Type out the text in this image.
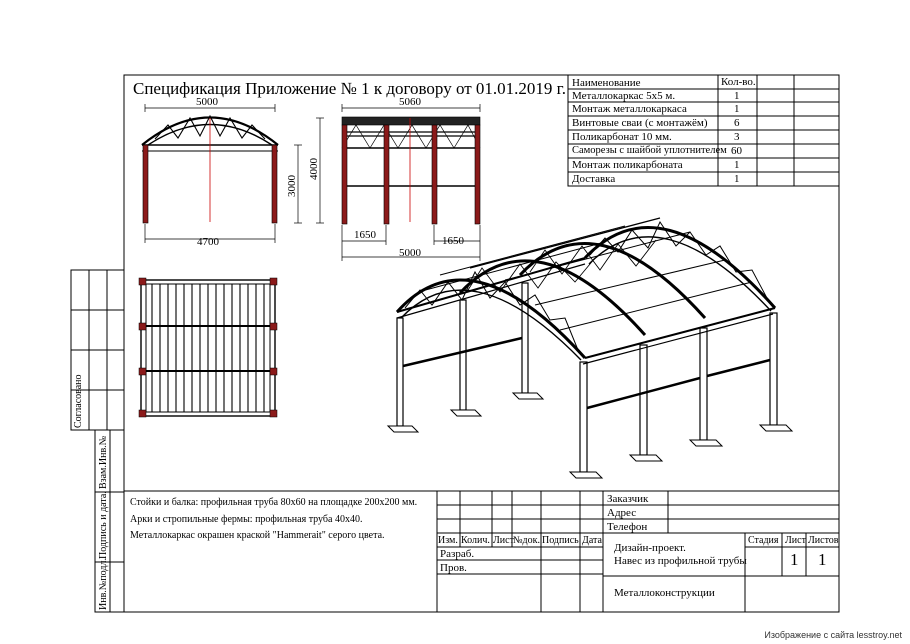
5000
4700
3000
4000
5060
1650	1650
5000
Согласовано
Взам.Инв.№
Подпись и дата.
Инв.№подл.
Спецификация Приложение № 1 к договору от 01.01.2019 г. Наименование	Кол-во.
Металлокаркас 5х5 м.	1
Монтаж металлокаркаса	1
Винтовые сваи (с монтажём) 6
Поликарбонат 10 мм.	3
Саморезы с шайбой уплотнителем 60
Монтаж поликарбоната	1
Доставка	1
Стойки и балка: профильная труба 80х60 на площадке 200х200 мм.
Арки и стропильные фермы: профильная труба 40х40.
Металлокаркас окрашен краской "Hammerait" серого цвета.
Заказчик
Адрес
Телефон
Изм. Колич. Лист №док. Подпись Дата
Разраб.
Пров.
Дизайн-проект.
Навес из профильной трубы
Стадия Лист Листов
1 1
Металлоконструкции
Изображение с сайта lesstroy.net
